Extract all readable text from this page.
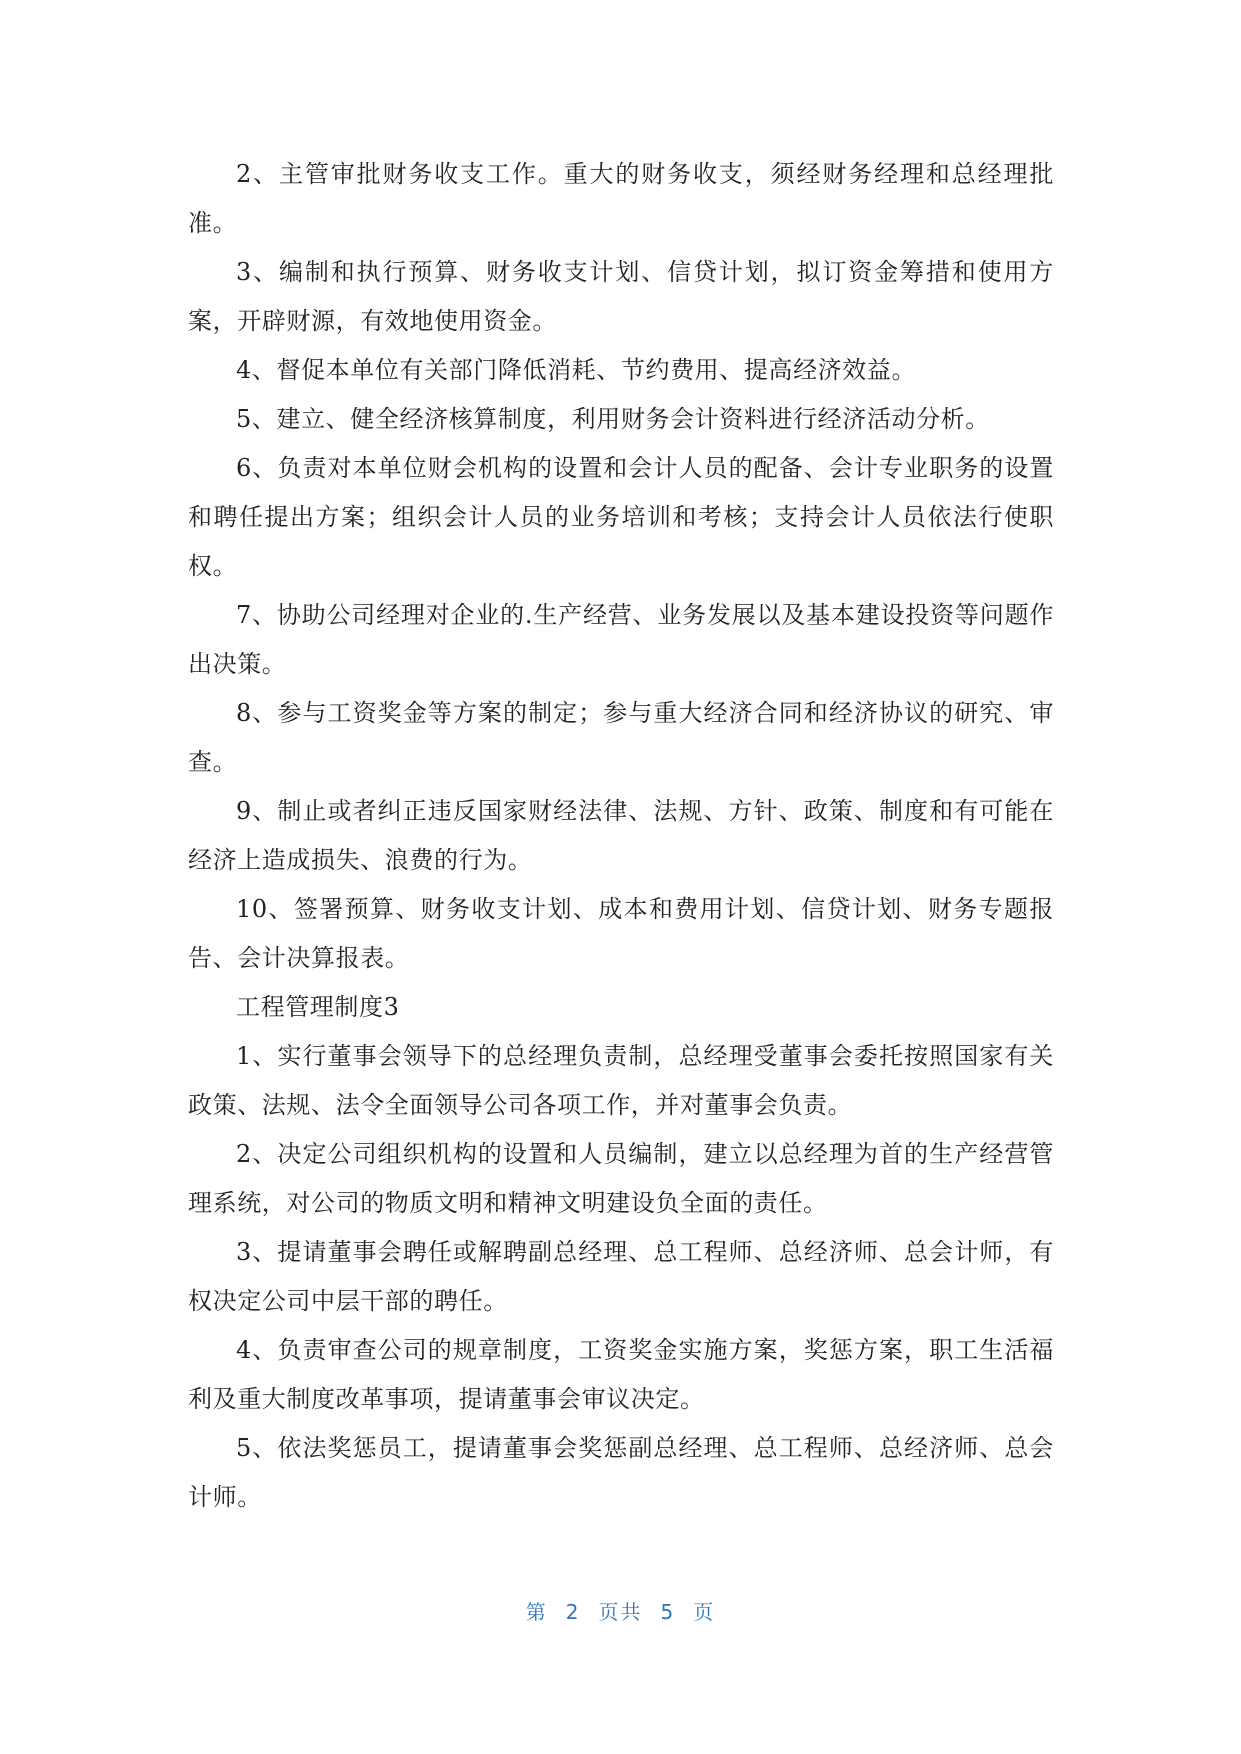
2、主管审批财务收支工作。重大的财务收支，须经财务经理和总经理批准。

3、编制和执行预算、财务收支计划、信贷计划，拟订资金筹措和使用方案，开辟财源，有效地使用资金。

4、督促本单位有关部门降低消耗、节约费用、提高经济效益。

5、建立、健全经济核算制度，利用财务会计资料进行经济活动分析。

6、负责对本单位财会机构的设置和会计人员的配备、会计专业职务的设置和聘任提出方案；组织会计人员的业务培训和考核；支持会计人员依法行使职权。

7、协助公司经理对企业的.生产经营、业务发展以及基本建设投资等问题作出决策。

8、参与工资奖金等方案的制定；参与重大经济合同和经济协议的研究、审查。

9、制止或者纠正违反国家财经法律、法规、方针、政策、制度和有可能在经济上造成损失、浪费的行为。

10、签署预算、财务收支计划、成本和费用计划、信贷计划、财务专题报告、会计决算报表。

工程管理制度3

1、实行董事会领导下的总经理负责制，总经理受董事会委托按照国家有关政策、法规、法令全面领导公司各项工作，并对董事会负责。

2、决定公司组织机构的设置和人员编制，建立以总经理为首的生产经营管理系统，对公司的物质文明和精神文明建设负全面的责任。

3、提请董事会聘任或解聘副总经理、总工程师、总经济师、总会计师，有权决定公司中层干部的聘任。

4、负责审查公司的规章制度，工资奖金实施方案，奖惩方案，职工生活福利及重大制度改革事项，提请董事会审议决定。

5、依法奖惩员工，提请董事会奖惩副总经理、总工程师、总经济师、总会计师。

第 2 页共 5 页
